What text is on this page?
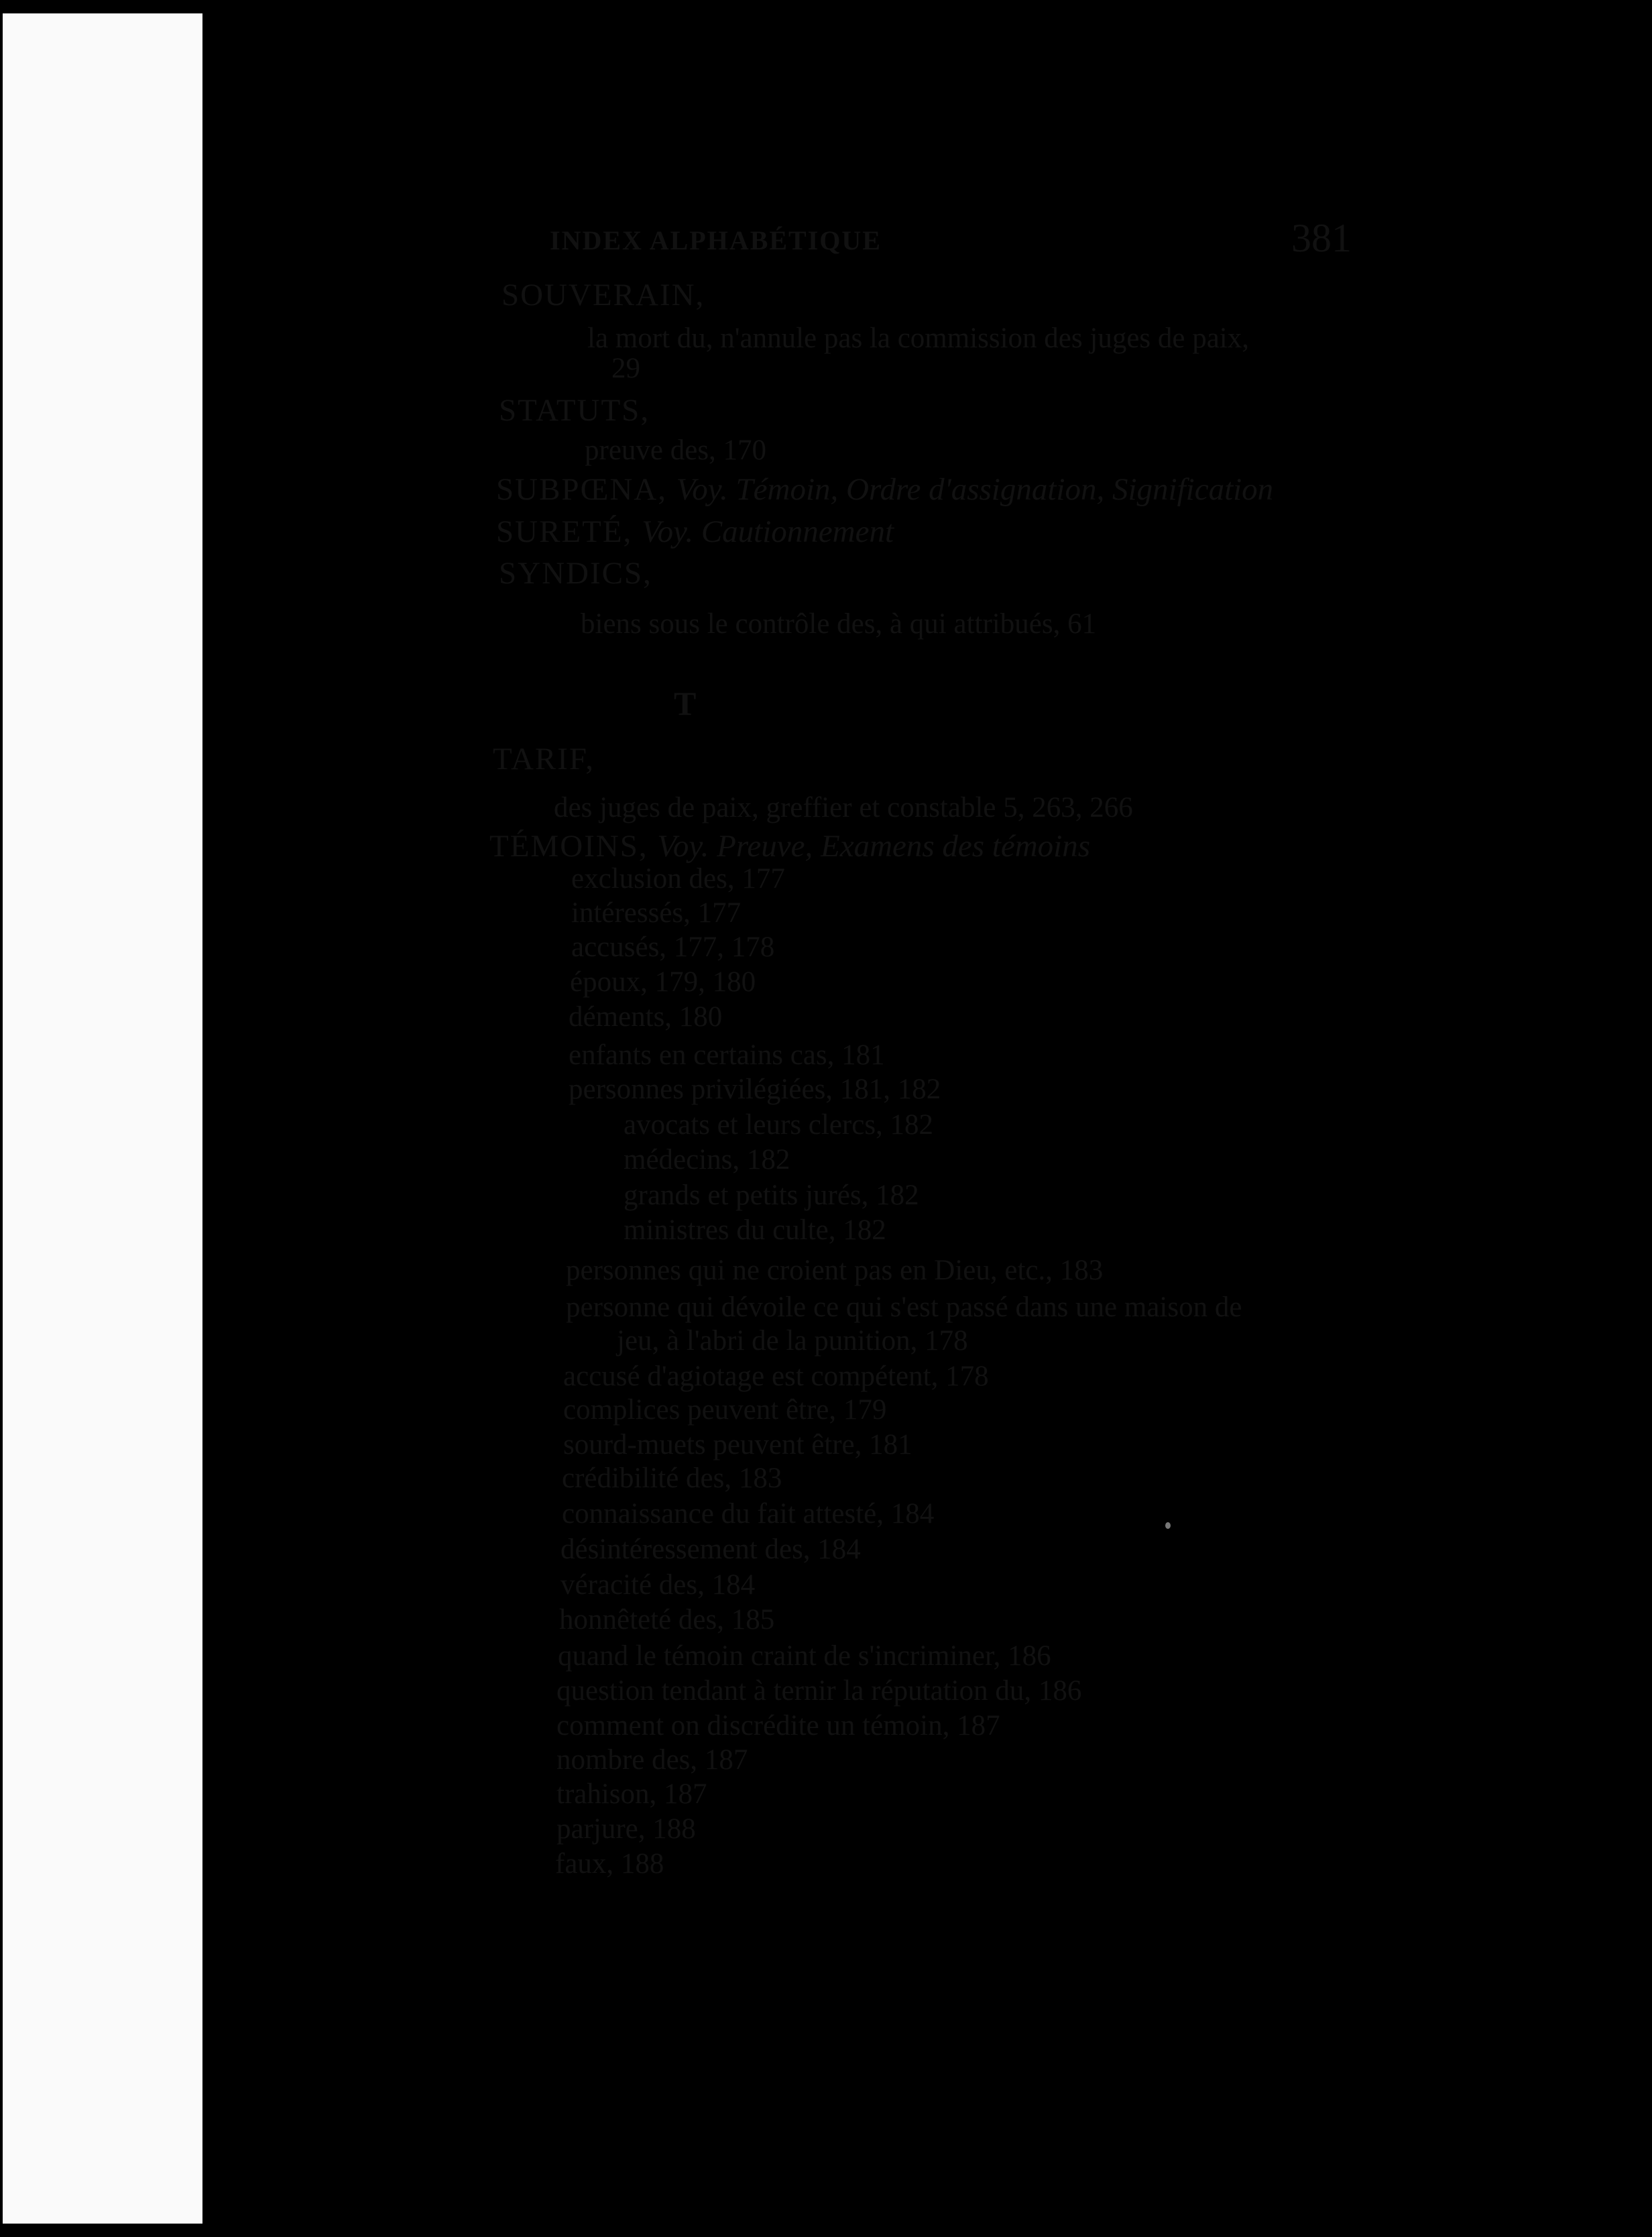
INDEX ALPHABÉTIQUE	381
SOUVERAIN,
la mort du, n'annule pas la commission des juges de paix,
29
STATUTS,
preuve des, 170
SUBPŒNA, Voy. Témoin, Ordre d'assignation, Signification
SURETÉ, Voy. Cautionnement
SYNDICS,
biens sous le contrôle des, à qui attribués, 61
T
TARIF,
des juges de paix, greffier et constable 5, 263, 266
TÉMOINS, Voy. Preuve, Examens des témoins
exclusion des, 177
intéressés, 177
accusés, 177, 178
époux, 179, 180
déments, 180
enfants en certains cas, 181
personnes privilégiées, 181, 182
avocats et leurs clercs, 182
médecins, 182
grands et petits jurés, 182
ministres du culte, 182
personnes qui ne croient pas en Dieu, etc., 183
personne qui dévoile ce qui s'est passé dans une maison de
jeu, à l'abri de la punition, 178
accusé d'agiotage est compétent, 178
complices peuvent être, 179
sourd-muets peuvent être, 181
crédibilité des, 183
connaissance du fait attesté, 184
désintéressement des, 184
véracité des, 184
honnêteté des, 185
quand le témoin craint de s'incriminer, 186
question tendant à ternir la réputation du, 186
comment on discrédite un témoin, 187
nombre des, 187
trahison, 187
parjure, 188
faux, 188
